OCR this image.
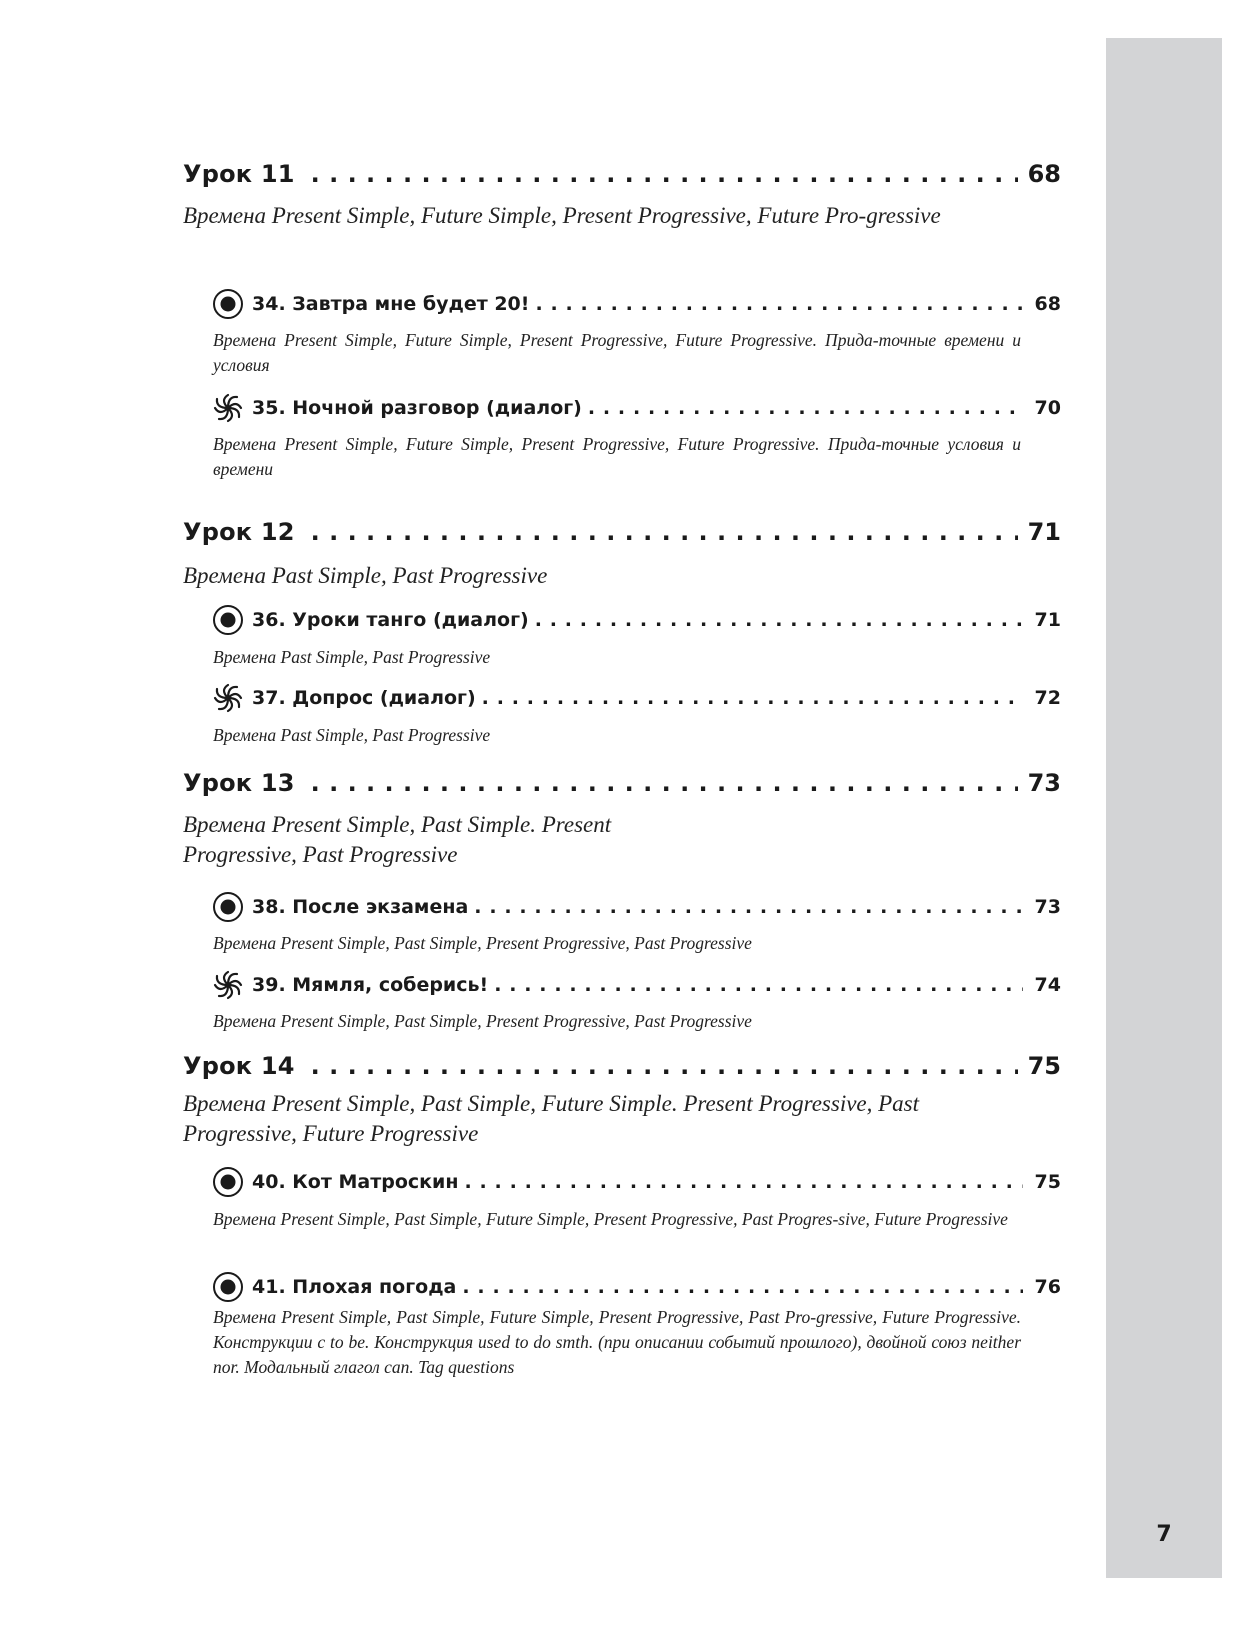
7
Урок 11 . . .	68
Времена Present Simple, Future Simple, Present Progressive, Future Pro-gressive
34. Завтра мне будет 20! . . .	68
Времена Present Simple, Future Simple, Present Progressive, Future Progressive. Прида-точные времени и условия
35. Ночной разговор (диалог) . . .	70
Времена Present Simple, Future Simple, Present Progressive, Future Progressive. Прида-точные условия и времени
Урок 12 . . .	71
Времена Past Simple, Past Progressive
36. Уроки танго (диалог) . . .	71
Времена Past Simple, Past Progressive
37. Допрос (диалог) . . .	72
Времена Past Simple, Past Progressive
Урок 13 . . .	73
Времена Present Simple, Past Simple. Present Progressive, Past Progressive
38. После экзамена . . .	73
Времена Present Simple, Past Simple, Present Progressive, Past Progressive
39. Мямля, соберись! . . .	74
Времена Present Simple, Past Simple, Present Progressive, Past Progressive
Урок 14 . . .	75
Времена Present Simple, Past Simple, Future Simple. Present Progressive, Past Progressive, Future Progressive
40. Кот Матроскин . . .	75
Времена Present Simple, Past Simple, Future Simple, Present Progressive, Past Progres-sive, Future Progressive
41. Плохая погода . . .	76
Времена Present Simple, Past Simple, Future Simple, Present Progressive, Past Pro-gressive, Future Progressive. Конструкции с to be. Конструкция used to do smth. (при описании событий прошлого), двойной союз neither nor. Модальный глагол can. Tag questions
